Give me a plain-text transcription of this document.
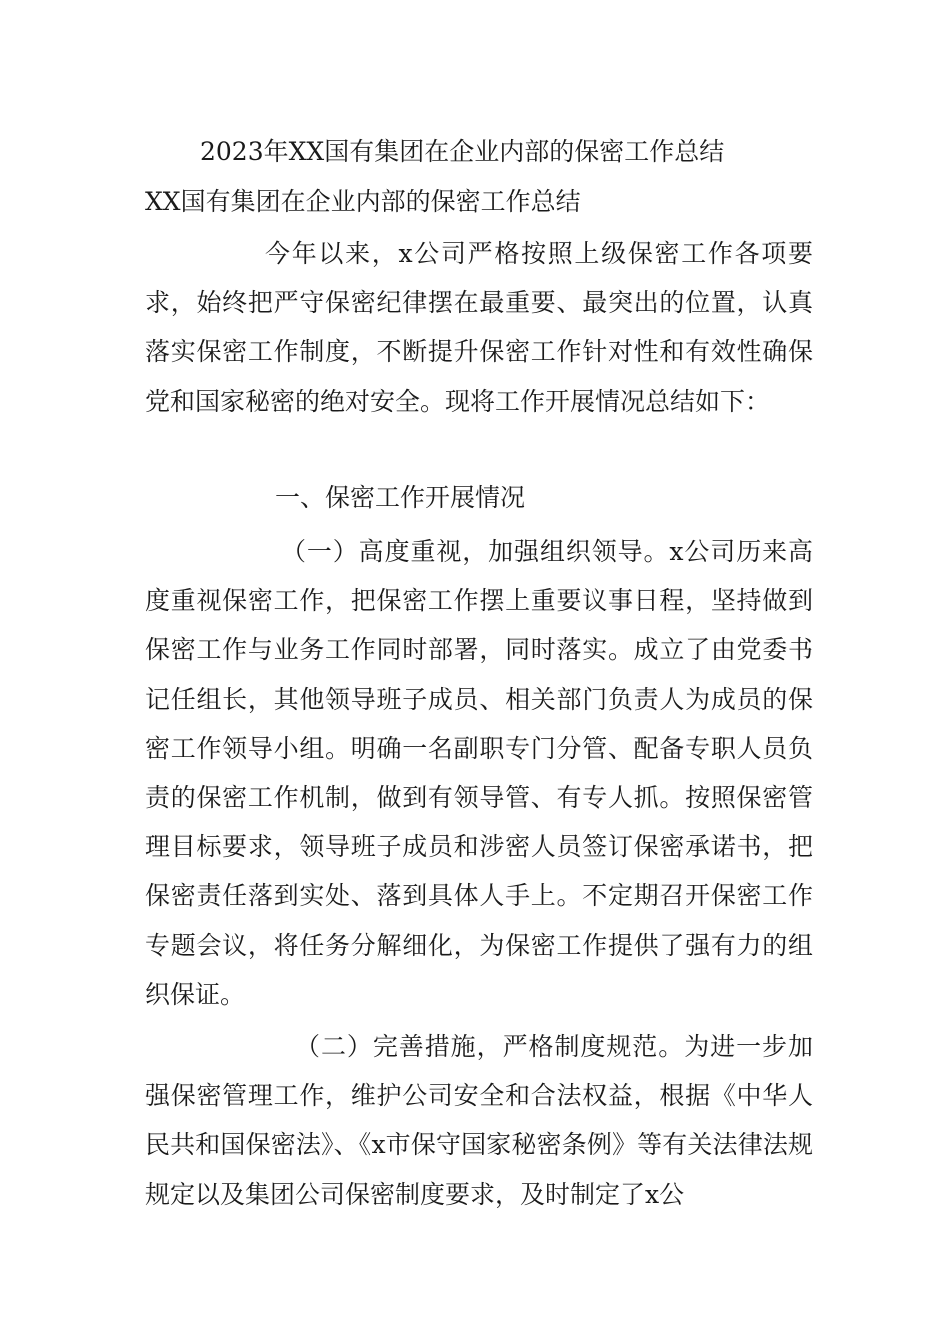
2023年XX国有集团在企业内部的保密工作总结
XX国有集团在企业内部的保密工作总结

今年以来，x公司严格按照上级保密工作各项要求，始终把严守保密纪律摆在最重要、最突出的位置，认真落实保密工作制度，不断提升保密工作针对性和有效性确保党和国家秘密的绝对安全。现将工作开展情况总结如下：

一、保密工作开展情况

（一）高度重视，加强组织领导。x公司历来高度重视保密工作，把保密工作摆上重要议事日程，坚持做到保密工作与业务工作同时部署，同时落实。成立了由党委书记任组长，其他领导班子成员、相关部门负责人为成员的保密工作领导小组。明确一名副职专门分管、配备专职人员负责的保密工作机制，做到有领导管、有专人抓。按照保密管理目标要求，领导班子成员和涉密人员签订保密承诺书，把保密责任落到实处、落到具体人手上。不定期召开保密工作专题会议，将任务分解细化，为保密工作提供了强有力的组织保证。

（二）完善措施，严格制度规范。为进一步加强保密管理工作，维护公司安全和合法权益，根据《中华人民共和国保密法》、《x市保守国家秘密条例》等有关法律法规规定以及集团公司保密制度要求，及时制定了x公
